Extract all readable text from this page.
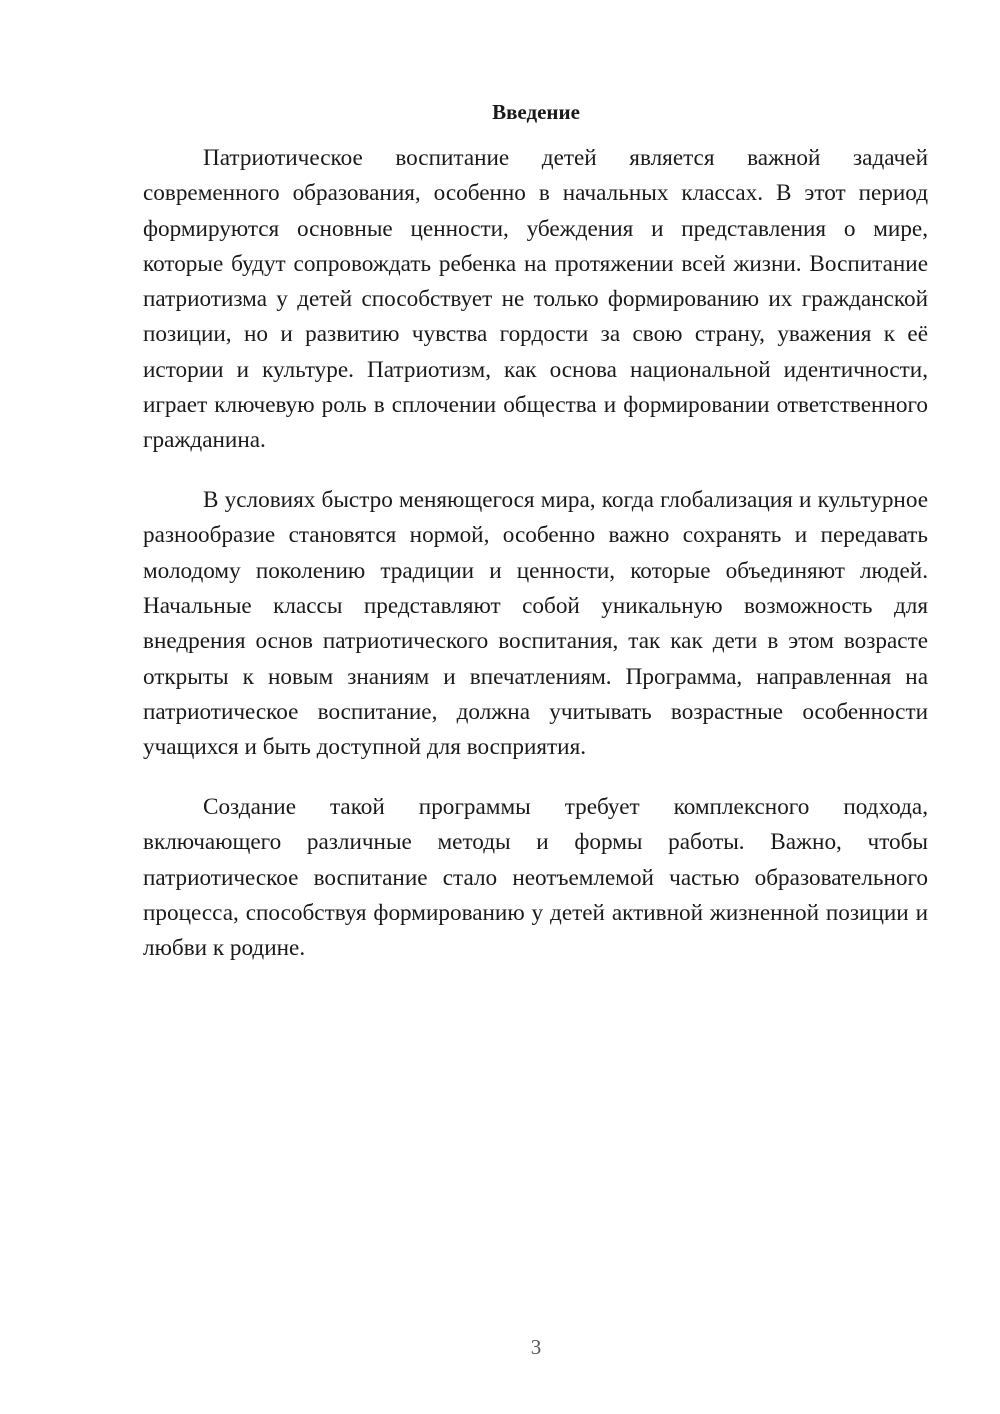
Введение

Патриотическое воспитание детей является важной задачей современного образования, особенно в начальных классах. В этот период формируются основные ценности, убеждения и представления о мире, которые будут сопровождать ребенка на протяжении всей жизни. Воспитание патриотизма у детей способствует не только формированию их гражданской позиции, но и развитию чувства гордости за свою страну, уважения к её истории и культуре. Патриотизм, как основа национальной идентичности, играет ключевую роль в сплочении общества и формировании ответственного гражданина.

В условиях быстро меняющегося мира, когда глобализация и культурное разнообразие становятся нормой, особенно важно сохранять и передавать молодому поколению традиции и ценности, которые объединяют людей. Начальные классы представляют собой уникальную возможность для внедрения основ патриотического воспитания, так как дети в этом возрасте открыты к новым знаниям и впечатлениям. Программа, направленная на патриотическое воспитание, должна учитывать возрастные особенности учащихся и быть доступной для восприятия.

Создание такой программы требует комплексного подхода, включающего различные методы и формы работы. Важно, чтобы патриотическое воспитание стало неотъемлемой частью образовательного процесса, способствуя формированию у детей активной жизненной позиции и любви к родине.

3
